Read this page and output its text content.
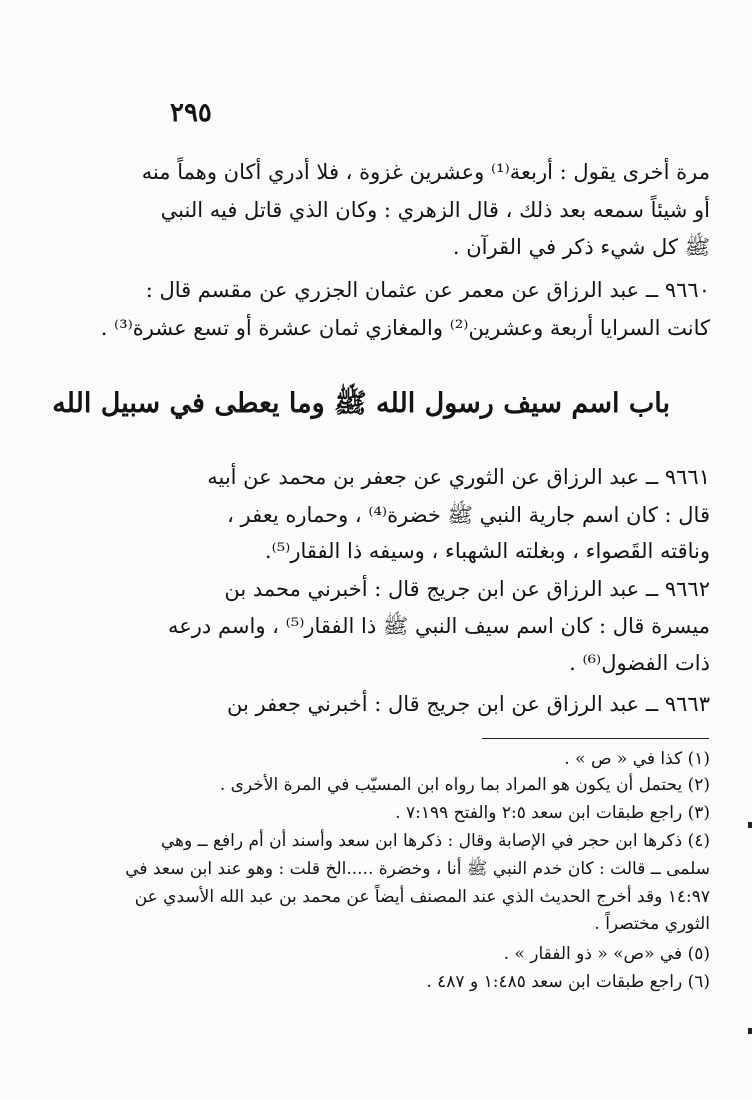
٢٩٥
مرة أخرى يقول : أربعة⁽¹⁾ وعشرين غزوة ، فلا أدري أكان وهماً منه
أو شيئاً سمعه بعد ذلك ، قال الزهري : وكان الذي قاتل فيه النبي
ﷺ كل شيء ذكر في القرآن .
٩٦٦٠ ــ عبد الرزاق عن معمر عن عثمان الجزري عن مقسم قال :
كانت السرايا أربعة وعشرين⁽²⁾ والمغازي ثمان عشرة أو تسع عشرة⁽³⁾ .
باب اسم سيف رسول الله ﷺ وما يعطى في سبيل الله
٩٦٦١ ــ عبد الرزاق عن الثوري عن جعفر بن محمد عن أبيه
قال : كان اسم جارية النبي ﷺ خضرة⁽⁴⁾ ، وحماره يعفر ،
وناقته القَصواء ، وبغلته الشهباء ، وسيفه ذا الفقار⁽⁵⁾.
٩٦٦٢ ــ عبد الرزاق عن ابن جريج قال : أخبرني محمد بن
ميسرة قال : كان اسم سيف النبي ﷺ ذا الفقار⁽⁵⁾ ، واسم درعه
ذات الفضول⁽⁶⁾ .
٩٦٦٣ ــ عبد الرزاق عن ابن جريج قال : أخبرني جعفر بن
(١) كذا في « ص » .
(٢) يحتمل أن يكون هو المراد بما رواه ابن المسيّب في المرة الأخرى .
(٣) راجع طبقات ابن سعد ٢:٥ والفتح ٧:١٩٩ .
(٤) ذكرها ابن حجر في الإصابة وقال : ذكرها ابن سعد وأسند أن أم رافع ــ وهي
سلمى ــ قالت : كان خدم النبي ﷺ أنا ، وخضرة .....الخ قلت : وهو عند ابن سعد في
١٤:٩٧ وقد أخرج الحديث الذي عند المصنف أيضاً عن محمد بن عبد الله الأسدي عن
الثوري مختصراً .
(٥) في «ص» « ذو الفقار » .
(٦) راجع طبقات ابن سعد ١:٤٨٥ و ٤٨٧ .
